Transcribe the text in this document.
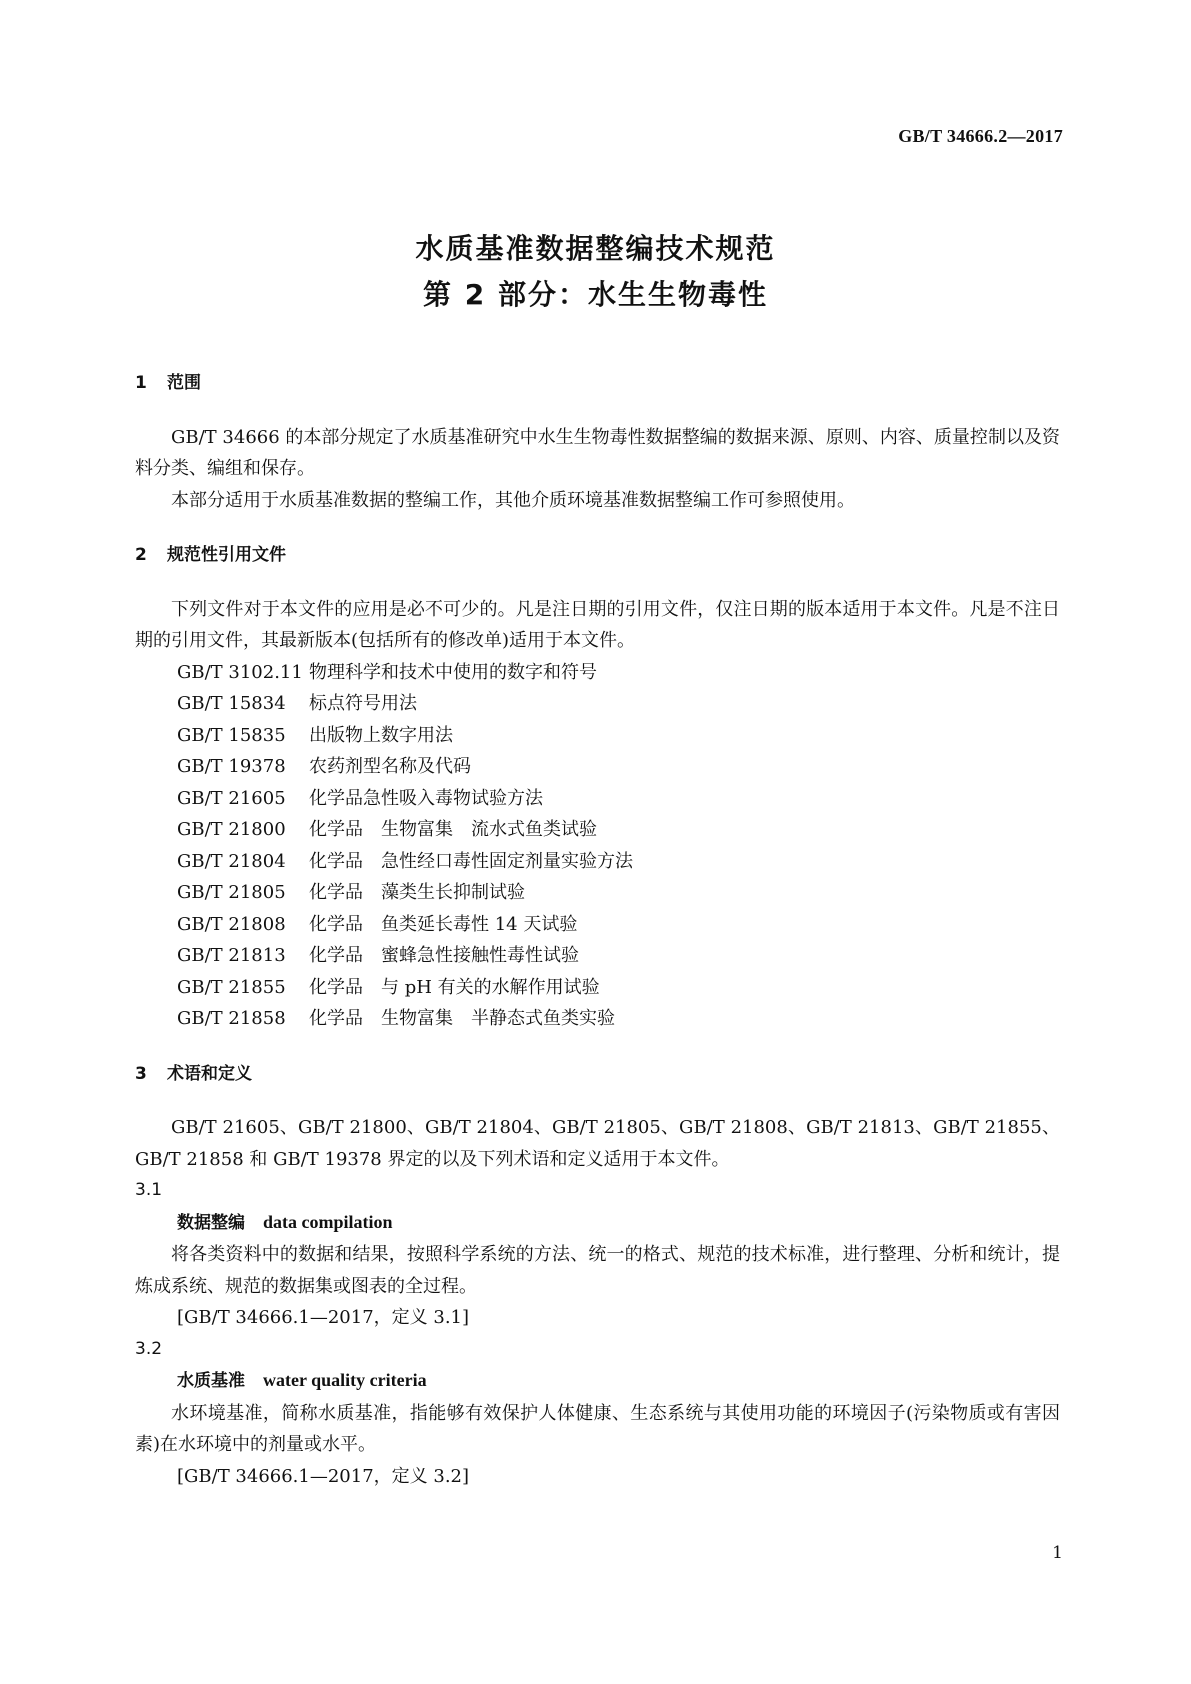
GB/T 34666.2—2017
水质基准数据整编技术规范
第 2 部分：水生生物毒性
1 范围

GB/T 34666 的本部分规定了水质基准研究中水生生物毒性数据整编的数据来源、原则、内容、质量控制以及资料分类、编组和保存。

本部分适用于水质基准数据的整编工作，其他介质环境基准数据整编工作可参照使用。

2 规范性引用文件

下列文件对于本文件的应用是必不可少的。凡是注日期的引用文件，仅注日期的版本适用于本文件。凡是不注日期的引用文件，其最新版本(包括所有的修改单)适用于本文件。

GB/T 3102.11 物理科学和技术中使用的数字和符号
GB/T 15834 标点符号用法
GB/T 15835 出版物上数字用法
GB/T 19378 农药剂型名称及代码
GB/T 21605 化学品急性吸入毒物试验方法
GB/T 21800 化学品　生物富集　流水式鱼类试验
GB/T 21804 化学品　急性经口毒性固定剂量实验方法
GB/T 21805 化学品　藻类生长抑制试验
GB/T 21808 化学品　鱼类延长毒性 14 天试验
GB/T 21813 化学品　蜜蜂急性接触性毒性试验
GB/T 21855 化学品　与 pH 有关的水解作用试验
GB/T 21858 化学品　生物富集　半静态式鱼类实验
3 术语和定义

GB/T 21605、GB/T 21800、GB/T 21804、GB/T 21805、GB/T 21808、GB/T 21813、GB/T 21855、GB/T 21858 和 GB/T 19378 界定的以及下列术语和定义适用于本文件。

3.1
数据整编 data compilation

将各类资料中的数据和结果，按照科学系统的方法、统一的格式、规范的技术标准，进行整理、分析和统计，提炼成系统、规范的数据集或图表的全过程。

[GB/T 34666.1—2017，定义 3.1]
3.2
水质基准 water quality criteria

水环境基准，简称水质基准，指能够有效保护人体健康、生态系统与其使用功能的环境因子(污染物质或有害因素)在水环境中的剂量或水平。

[GB/T 34666.1—2017，定义 3.2]
1
